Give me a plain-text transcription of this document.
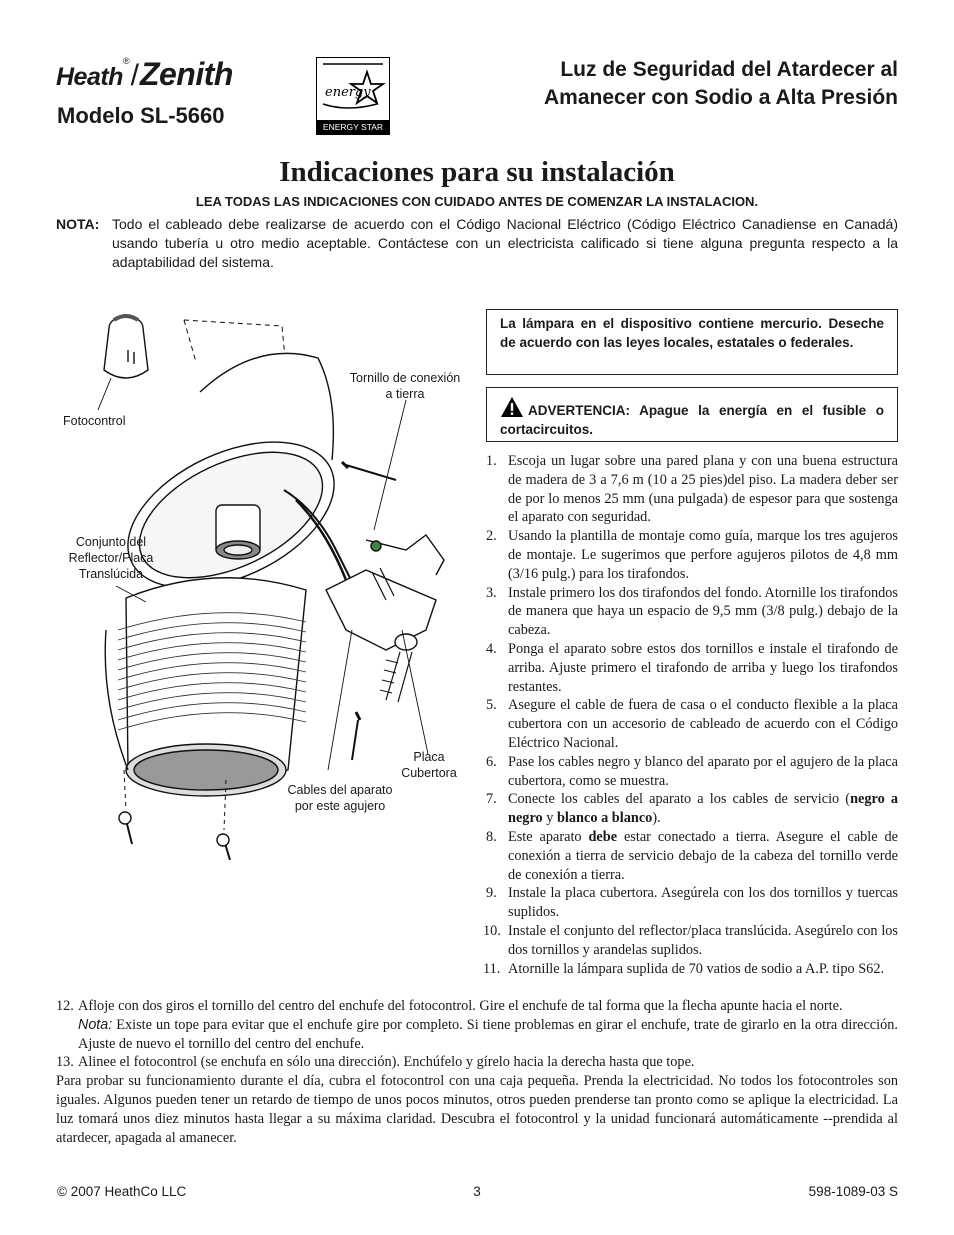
Heath®/Zenith
Modelo SL-5660
energy
ENERGY STAR
Luz de Seguridad del Atardecer al
Amanecer con Sodio a Alta Presión
Indicaciones para su instalación
LEA TODAS LAS INDICACIONES CON CUIDADO ANTES DE COMENZAR LA INSTALACION.
NOTA: Todo el cableado debe realizarse de acuerdo con el Código Nacional Eléctrico (Código Eléctrico Canadiense en Canadá) usando tubería u otro medio aceptable. Contáctese con un electricista calificado si tiene alguna pregunta respecto a la adaptabilidad del sistema.
Fotocontrol
Tornillo de conexión
a tierra
Conjunto del
Reflector/Placa
Translúcida
Placa
Cubertora
Cables del aparato
por este agujero
La lámpara en el dispositivo contiene mercurio. Deseche de acuerdo con las leyes locales, estatales o federales.
ADVERTENCIA: Apague la energía en el fusible o cortacircuitos.
1. Escoja un lugar sobre una pared plana y con una buena estructura de madera de 3 a 7,6 m (10 a 25 pies)del piso. La madera deber ser de por lo menos 25 mm (una pulgada) de espesor para que sostenga el aparato con seguridad.
2. Usando la plantilla de montaje como guía, marque los tres agujeros de montaje. Le sugerimos que perfore agujeros pilotos de 4,8 mm (3/16 pulg.) para los tirafondos.
3. Instale primero los dos tirafondos del fondo. Atornille los tirafondos de manera que haya un espacio de 9,5 mm (3/8 pulg.) debajo de la cabeza.
4. Ponga el aparato sobre estos dos tornillos e instale el tirafondo de arriba. Ajuste primero el tirafondo de arriba y luego los tirafondos restantes.
5. Asegure el cable de fuera de casa o el conducto flexible a la placa cubertora con un accesorio de cableado de acuerdo con el Código Eléctrico Nacional.
6. Pase los cables negro y blanco del aparato por el agujero de la placa cubertora, como se muestra.
7. Conecte los cables del aparato a los cables de servicio (negro a negro y blanco a blanco).
8. Este aparato debe estar conectado a tierra. Asegure el cable de conexión a tierra de servicio debajo de la cabeza del tornillo verde de conexión a tierra.
9. Instale la placa cubertora. Asegúrela con los dos tornillos y tuercas suplidos.
10. Instale el conjunto del reflector/placa translúcida. Asegúrelo con los dos tornillos y arandelas suplidos.
11. Atornille la lámpara suplida de 70 vatios de sodio a A.P. tipo S62.
12. Afloje con dos giros el tornillo del centro del enchufe del fotocontrol. Gire el enchufe de tal forma que la flecha apunte hacia el norte.
Nota: Existe un tope para evitar que el enchufe gire por completo. Si tiene problemas en girar el enchufe, trate de girarlo en la otra dirección. Ajuste de nuevo el tornillo del centro del enchufe.
13. Alinee el fotocontrol (se enchufa en sólo una dirección). Enchúfelo y gírelo hacia la derecha hasta que tope.
Para probar su funcionamiento durante el día, cubra el fotocontrol con una caja pequeña. Prenda la electricidad. No todos los fotocontroles son iguales. Algunos pueden tener un retardo de tiempo de unos pocos minutos, otros pueden prenderse tan pronto como se aplique la electricidad. La luz tomará unos diez minutos hasta llegar a su máxima claridad. Descubra el fotocontrol y la unidad funcionará automáticamente --prendida al atardecer, apagada al amanecer.
© 2007 HeathCo LLC	3	598-1089-03 S
